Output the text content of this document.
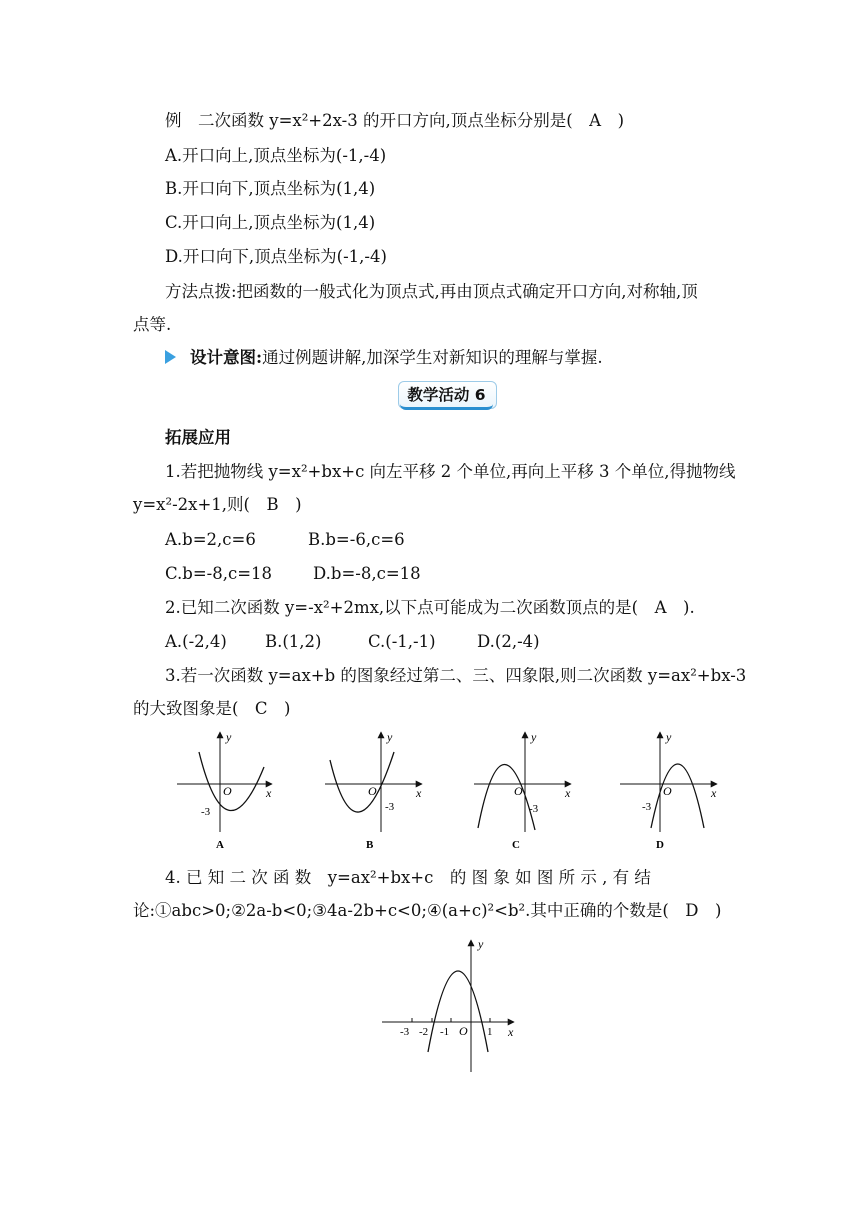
例　二次函数 y=x²+2x-3 的开口方向,顶点坐标分别是(　A　)
A.开口向上,顶点坐标为(-1,-4)
B.开口向下,顶点坐标为(1,4)
C.开口向上,顶点坐标为(1,4)
D.开口向下,顶点坐标为(-1,-4)
方法点拨:把函数的一般式化为顶点式,再由顶点式确定开口方向,对称轴,顶
点等.
设计意图:通过例题讲解,加深学生对新知识的理解与掌握.
教学活动 6
拓展应用
1.若把抛物线 y=x²+bx+c 向左平移 2 个单位,再向上平移 3 个单位,得抛物线
y=x²-2x+1,则(　B　)
A.b=2,c=6	B.b=-6,c=6
C.b=-8,c=18 D.b=-8,c=18
2.已知二次函数 y=-x²+2mx,以下点可能成为二次函数顶点的是(　A　).
A.(-2,4) B.(1,2)	C.(-1,-1)	D.(2,-4)
3.若一次函数 y=ax+b 的图象经过第二、三、四象限,则二次函数 y=ax²+bx-3
的大致图象是(　C　)
y
x
O
-3
A
y
x
O
-3
B
y
x
O
-3
C
y
x
O
-3
D
y
x
O
-3 -2 -1	1
4. 已 知 二 次 函 数　y=ax²+bx+c　的 图 象 如 图 所 示 , 有 结
论:①abc>0;②2a-b<0;③4a-2b+c<0;④(a+c)²<b².其中正确的个数是(　D　)
